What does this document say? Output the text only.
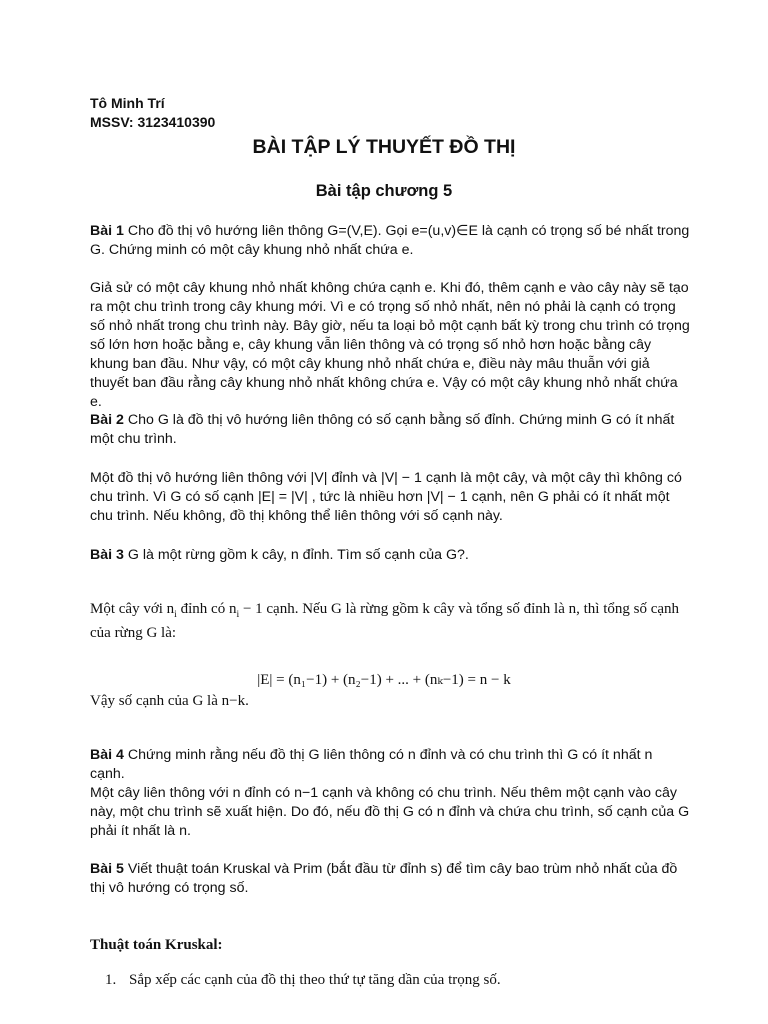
Tô Minh Trí

MSSV: 3123410390

BÀI TẬP LÝ THUYẾT ĐỒ THỊ
Bài tập chương 5

Bài 1 Cho đồ thị vô hướng liên thông G=(V,E). Gọi e=(u,v)∈E là cạnh có trọng số bé nhất trong G. Chứng minh có một cây khung nhỏ nhất chứa e.

Giả sử có một cây khung nhỏ nhất không chứa cạnh e. Khi đó, thêm cạnh e vào cây này sẽ tạo ra một chu trình trong cây khung mới. Vì e có trọng số nhỏ nhất, nên nó phải là cạnh có trọng số nhỏ nhất trong chu trình này. Bây giờ, nếu ta loại bỏ một cạnh bất kỳ trong chu trình có trọng số lớn hơn hoặc bằng e, cây khung vẫn liên thông và có trọng số nhỏ hơn hoặc bằng cây khung ban đầu. Như vậy, có một cây khung nhỏ nhất chứa e, điều này mâu thuẫn với giả thuyết ban đầu rằng cây khung nhỏ nhất không chứa e. Vậy có một cây khung nhỏ nhất chứa e.

Bài 2 Cho G là đồ thị vô hướng liên thông có số cạnh bằng số đỉnh. Chứng minh G có ít nhất một chu trình.

Một đồ thị vô hướng liên thông với |V| đỉnh và |V| − 1 cạnh là một cây, và một cây thì không có chu trình. Vì G có số cạnh |E| = |V| , tức là nhiều hơn |V| − 1 cạnh, nên G phải có ít nhất một chu trình. Nếu không, đồ thị không thể liên thông với số cạnh này.

Bài 3 G là một rừng gồm k cây, n đỉnh. Tìm số cạnh của G?.

Một cây với $n_i$ đỉnh có $n_i - 1$ cạnh. Nếu G là rừng gồm k cây và tổng số đỉnh là n, thì tổng số cạnh của rừng G là:

|E| = (n₁−1) + (n₂−1) + ... + (nₖ−1) = n − k

Vậy số cạnh của G là n−k.

Bài 4 Chứng minh rằng nếu đồ thị G liên thông có n đỉnh và có chu trình thì G có ít nhất n cạnh.

Một cây liên thông với n đỉnh có n−1 cạnh và không có chu trình. Nếu thêm một cạnh vào cây này, một chu trình sẽ xuất hiện. Do đó, nếu đồ thị G có n đỉnh và chứa chu trình, số cạnh của G phải ít nhất là n.

Bài 5 Viết thuật toán Kruskal và Prim (bắt đầu từ đỉnh s) để tìm cây bao trùm nhỏ nhất của đồ thị vô hướng có trọng số.

Thuật toán Kruskal:

1. Sắp xếp các cạnh của đồ thị theo thứ tự tăng dần của trọng số.
